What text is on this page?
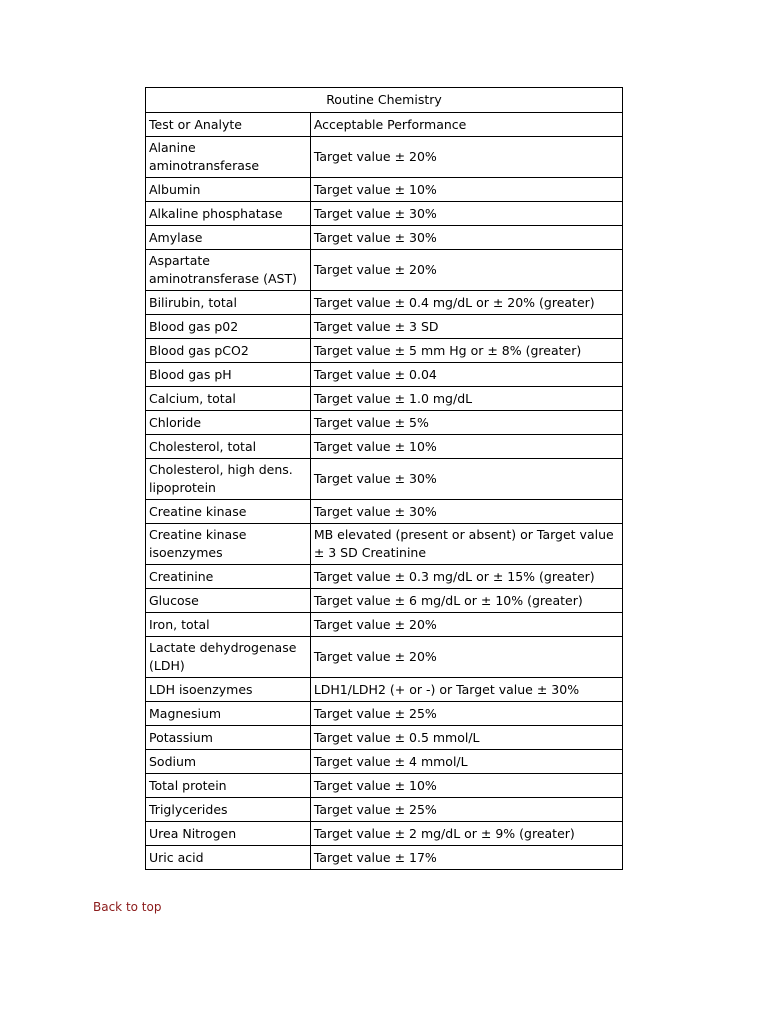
Routine Chemistry	
Test or Analyte	Acceptable Performance
Alanine aminotransferase	Target value ± 20%
Albumin	Target value ± 10%
Alkaline phosphatase	Target value ± 30%
Amylase	Target value ± 30%
Aspartate aminotransferase (AST)	Target value ± 20%
Bilirubin, total	Target value ± 0.4 mg/dL or ± 20% (greater)
Blood gas p02	Target value ± 3 SD
Blood gas pCO2	Target value ± 5 mm Hg or ± 8% (greater)
Blood gas pH	Target value ± 0.04
Calcium, total	Target value ± 1.0 mg/dL
Chloride	Target value ± 5%
Cholesterol, total	Target value ± 10%
Cholesterol, high dens. lipoprotein	Target value ± 30%
Creatine kinase	Target value ± 30%
Creatine kinase isoenzymes	MB elevated (present or absent) or Target value ± 3 SD Creatinine
Creatinine	Target value ± 0.3 mg/dL or ± 15% (greater)
Glucose	Target value ± 6 mg/dL or ± 10% (greater)
Iron, total	Target value ± 20%
Lactate dehydrogenase (LDH)	Target value ± 20%
LDH isoenzymes	LDH1/LDH2 (+ or -) or Target value ± 30%
Magnesium	Target value ± 25%
Potassium	Target value ± 0.5 mmol/L
Sodium	Target value ± 4 mmol/L
Total protein	Target value ± 10%
Triglycerides	Target value ± 25%
Urea Nitrogen	Target value ± 2 mg/dL or ± 9% (greater)
Uric acid	Target value ± 17%
Back to top
